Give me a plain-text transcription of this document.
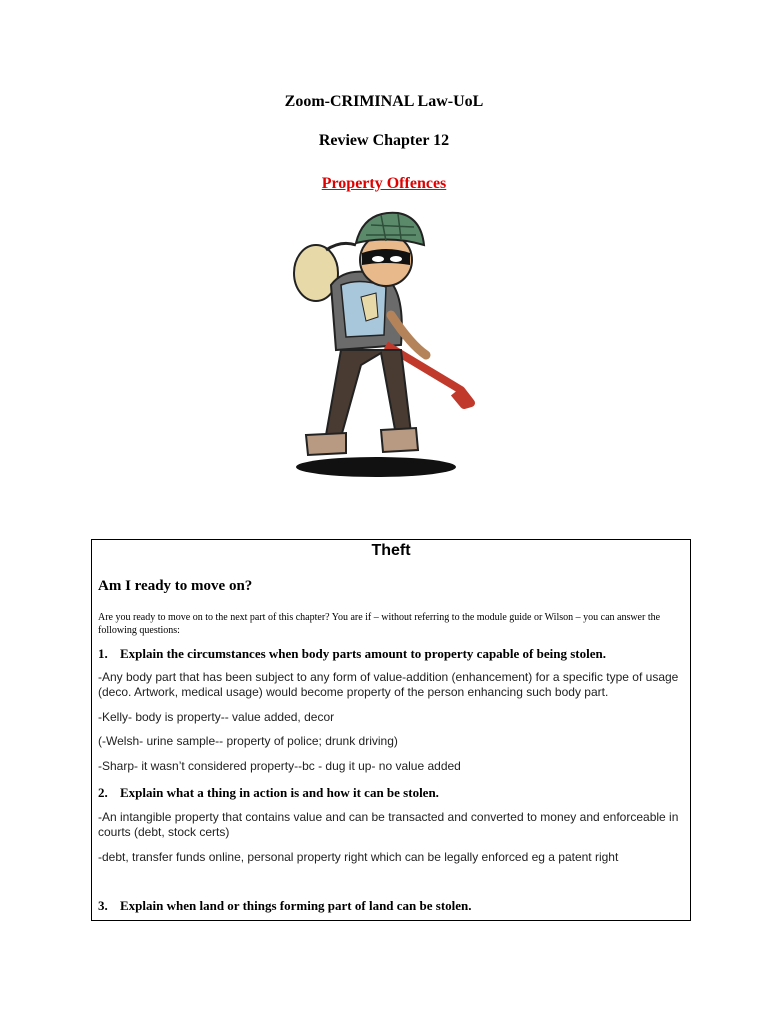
Zoom-CRIMINAL Law-UoL
Review Chapter 12
Property Offences
Theft
Am I ready to move on?
Are you ready to move on to the next part of this chapter? You are if – without referring to the module guide or Wilson – you can answer the following questions:
1. Explain the circumstances when body parts amount to property capable of being stolen.
-Any body part that has been subject to any form of value-addition (enhancement) for a specific type of usage (deco. Artwork, medical usage) would become property of the person enhancing such body part.
-Kelly- body is property-- value added, decor
(-Welsh- urine sample-- property of police; drunk driving)
-Sharp- it wasn’t considered property--bc - dug it up- no value added
2. Explain what a thing in action is and how it can be stolen.
-An intangible property that contains value and can be transacted and converted to money and enforceable in courts (debt, stock certs)
-debt, transfer funds online, personal property right which can be legally enforced eg a patent right
3. Explain when land or things forming part of land can be stolen.
